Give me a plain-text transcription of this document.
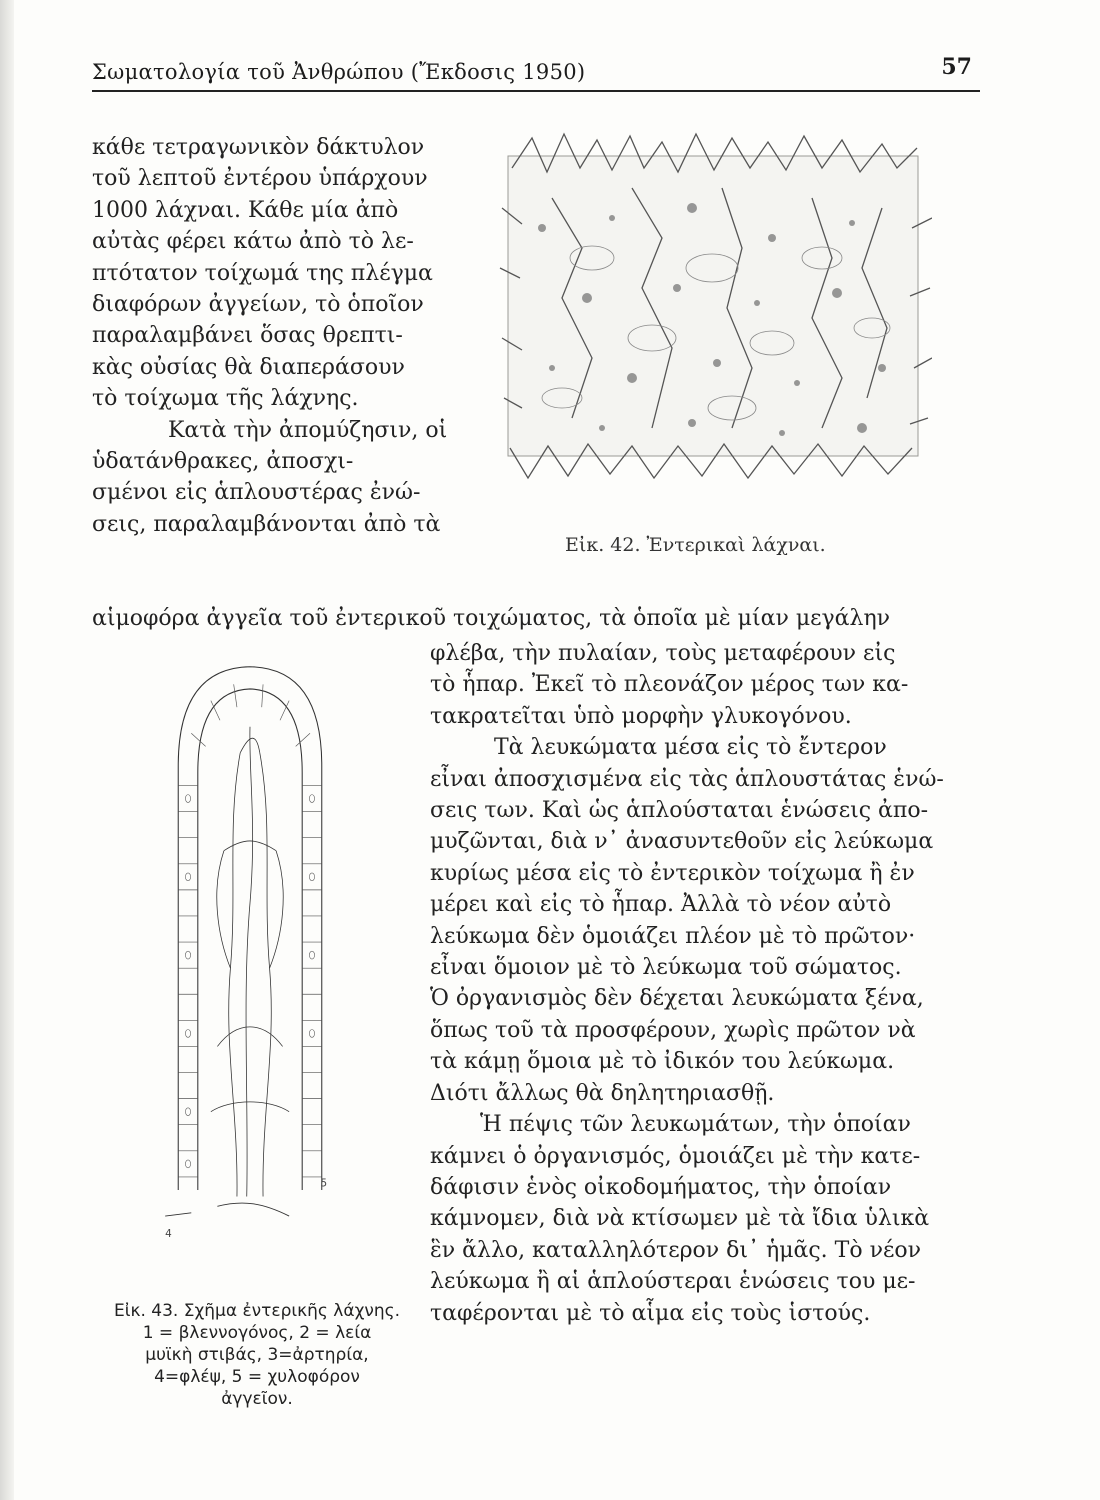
Σωματολογία τοῦ Ἀνθρώπου (Ἔκδοσις 1950)	57
κάθε τετραγωνικὸν δάκτυλον
τοῦ λεπτοῦ ἐντέρου ὑπάρχουν
1000 λάχναι. Κάθε μία ἀπὸ
αὐτὰς φέρει κάτω ἀπὸ τὸ λε-
πτότατον τοίχωμά της πλέγμα
διαφόρων ἀγγείων, τὸ ὁποῖον
παραλαμβάνει ὅσας θρεπτι-
κὰς οὐσίας θὰ διαπεράσουν
τὸ τοίχωμα τῆς λάχνης.
Κατὰ τὴν ἀπομύζησιν, οἱ
ὑδατάνθρακες, ἀποσχι-
σμένοι εἰς ἁπλουστέρας ἐνώ-
σεις, παραλαμβάνονται ἀπὸ τὰ
Εἰκ. 42. Ἐντερικαὶ λάχναι.
αἱμοφόρα ἀγγεῖα τοῦ ἐντερικοῦ τοιχώματος, τὰ ὁποῖα μὲ μίαν μεγάλην
4
5
φλέβα, τὴν πυλαίαν, τοὺς μεταφέρουν εἰς
τὸ ἧπαρ. Ἐκεῖ τὸ πλεονάζον μέρος των κα-
τακρατεῖται ὑπὸ μορφὴν γλυκογόνου.
Τὰ λευκώματα μέσα εἰς τὸ ἔντερον
εἶναι ἀποσχισμένα εἰς τὰς ἁπλουστάτας ἑνώ-
σεις των. Καὶ ὡς ἁπλούσταται ἑνώσεις ἀπο-
μυζῶνται, διὰ ν᾿ ἀνασυντεθοῦν εἰς λεύκωμα
κυρίως μέσα εἰς τὸ ἐντερικὸν τοίχωμα ἢ ἐν
μέρει καὶ εἰς τὸ ἧπαρ. Ἀλλὰ τὸ νέον αὐτὸ
λεύκωμα δὲν ὁμοιάζει πλέον μὲ τὸ πρῶτον·
εἶναι ὅμοιον μὲ τὸ λεύκωμα τοῦ σώματος.
Ὁ ὀργανισμὸς δὲν δέχεται λευκώματα ξένα,
ὅπως τοῦ τὰ προσφέρουν, χωρὶς πρῶτον νὰ
τὰ κάμῃ ὅμοια μὲ τὸ ἰδικόν του λεύκωμα.
Διότι ἄλλως θὰ δηλητηριασθῇ.
Ἡ πέψις τῶν λευκωμάτων, τὴν ὁποίαν
κάμνει ὁ ὀργανισμός, ὁμοιάζει μὲ τὴν κατε-
δάφισιν ἑνὸς οἰκοδομήματος, τὴν ὁποίαν
κάμνομεν, διὰ νὰ κτίσωμεν μὲ τὰ ἴδια ὑλικὰ
ἓν ἄλλο, καταλληλότερον δι᾿ ἡμᾶς. Τὸ νέον
λεύκωμα ἢ αἱ ἁπλούστεραι ἑνώσεις του με-
ταφέρονται μὲ τὸ αἷμα εἰς τοὺς ἱστούς.
Εἰκ. 43. Σχῆμα ἐντερικῆς λάχνης.
1 = βλεννογόνος, 2 = λεία
μυϊκὴ στιβάς, 3=ἀρτηρία,
4=φλέψ, 5 = χυλοφόρον
ἀγγεῖον.
